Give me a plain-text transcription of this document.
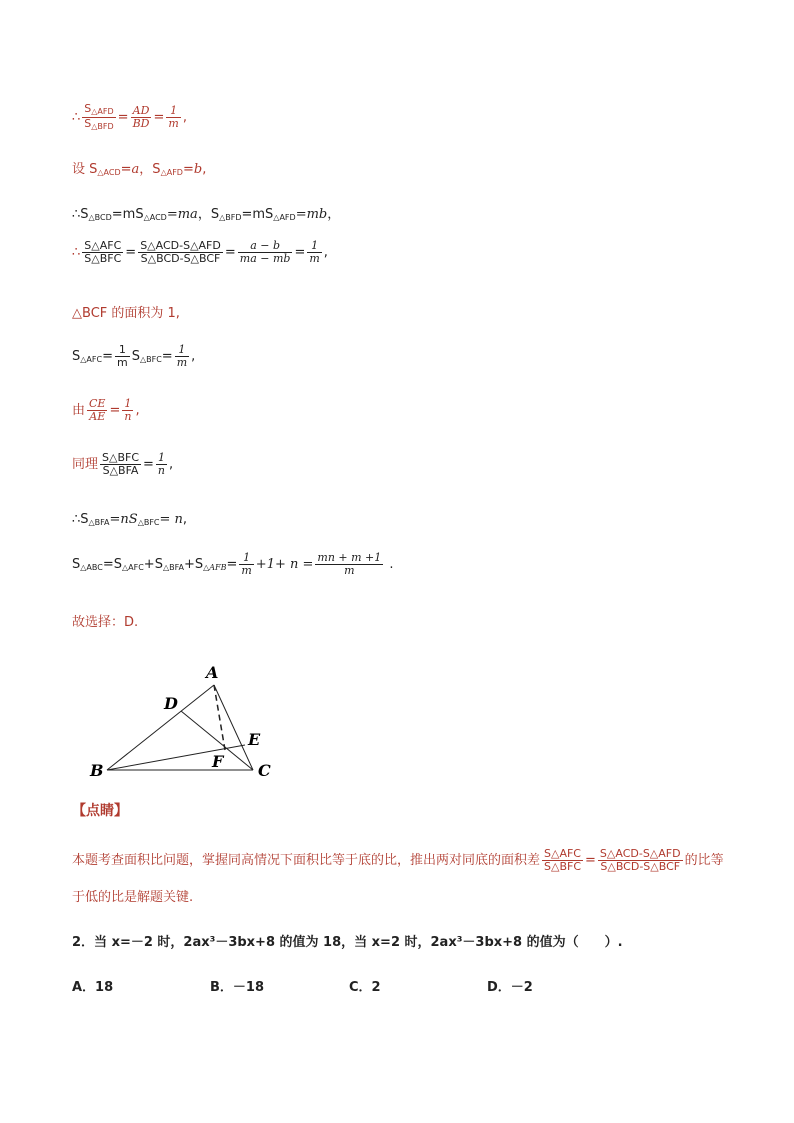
∴ $\frac{S_{\triangle AFD}}{S_{\triangle BFD}} = \frac{AD}{BD} = \frac{1}{m}$ ,
设 $S_{\triangle ACD}=a$，$S_{\triangle AFD}=b$,
$\therefore S_{\triangle BCD}=mS_{\triangle ACD}=ma$，$S_{\triangle BFD}=mS_{\triangle AFD}=mb$，
∴ $\frac{\text{S△AFC}}{\text{S△BFC}} = \frac{\text{S△ACD-S△AFD}}{\text{S△BCD-S△BCF}} = \frac{a - b}{ma - mb} = \frac{1}{m}$ ,
△BCF 的面积为 1,
$S_{\triangle AFC}= \frac{1}{m} S_{\triangle BFC}= \frac{1}{m}$ ,
由 $\frac{CE}{AE} = \frac{1}{n}$ ,
同理 $\frac{\text{S△BFC}}{\text{S△BFA}} = \frac{1}{n}$ ,
$\therefore S_{\triangle BFA}=nS_{\triangle BFC}= n$,
$S_{\triangle ABC}=S_{\triangle AFC}+S_{\triangle BFA}+S_{\triangle AFB}= \frac{1}{m} +1+ n = \frac{mn + m +1}{m}$ .
故选择：D.
A
D
E
F
B	C
【点睛】
本题考查面积比问题，掌握同高情况下面积比等于底的比，推出两对同底的面积差 $\frac{\text{S△AFC}}{\text{S△BFC}} = \frac{\text{S△ACD-S△AFD}}{\text{S△BCD-S△BCF}}$ 的比等
于低的比是解题关键.
2．当 x=－2 时，2ax³－3bx+8 的值为 18，当 x=2 时，2ax³－3bx+8 的值为（　　）.
A．18	B．－18	C．2	D．－2
